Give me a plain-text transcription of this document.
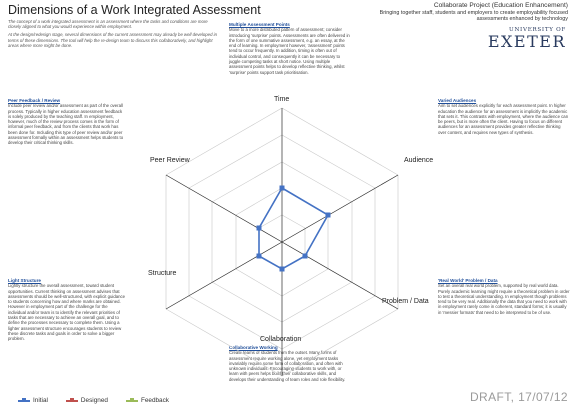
Dimensions of a Work Integrated Assessment

The concept of a work integrated assessment is an assessment where the tasks and conditions are more closely aligned to what you would experience within employment.

At the design/redesign stage, several dimensions of the current assessment may already be well developed in terms of these dimensions. The tool will help the re-design team to discuss this collaboratively, and highlight areas where more might be done.

Collaborate Project (Education Enhancement)
Bringing together staff, students and employers to create employability focused assessments enhanced by technology
UNIVERSITY OF
EXETER
Multiple Assessment Points

Move to a more distributed pattern of assessment; consider introducing 'surprise' points. Assessments are often delivered in the form of one summative assessment, e.g. an essay, at the end of learning. In employment however, 'assessment' points tend to occur frequently. In addition, timing is often out of individual control, and consequently it can be necessary to juggle competing tasks at short notice. Using multiple assessment points helps to develop reflective thinking, whilst 'surprise' points support task prioritisation.

Varied Audiences

Aim to set audiences explicitly for each assessment point. In higher education the audience for an assessment is implicitly the academic that sets it. This contrasts with employment, where the audience can be peers, but is more often the client. Having to focus on different audiences for an assessment provides greater reflective thinking over content, and requires new types of synthesis.

Peer Feedback / Review

Include peer review and/or assessment as part of the overall process. Typically in higher education assessment feedback is solely produced by the teaching staff. In employment, however, much of the review process comes in the form of informal peer feedback, and from the clients that work has been done for. Including this type of peer review and/or peer assessment formally within an assessment helps students to develop their critical thinking skills.

Light Structure

Lightly structure the overall assessment, toward student opportunities. Current thinking on assessment advises that assessments should be well-structured, with explicit guidance to students concerning how and where marks are obtained. However in employment part of the challenge for the individual and/or team is to identify the relevant priorities of tasks that are necessary to achieve an overall goal, and to define the processes necessary to complete them. Using a lighter assessment structure encourages students to review these discrete tasks and goals in order to solve a bigger problem.

'Real World' Problem / Data

Set an overall real world problem, supported by real world data. Purely academic learning might require a theoretical problem in order to test a theoretical understanding. In employment though problems tend to be very real. Additionally the data that you need to work with in employment rarely come in coherent, standard forms; it is usually in 'messier formats' that need to be interpreted to be of use.

Collaborative Working

Create teams of students from the outset. Many forms of assessment require working alone, yet employment tasks invariably require some form of collaboration, and often with unknown individuals. Encouraging students to work with, or learn with peers helps build their collaborative skills, and develops their understanding of team roles and role flexibility.

Time
Audience
Problem / Data
Collaboration
Structure
Peer Review
Initial	Designed	Feedback	DRAFT, 17/07/12
